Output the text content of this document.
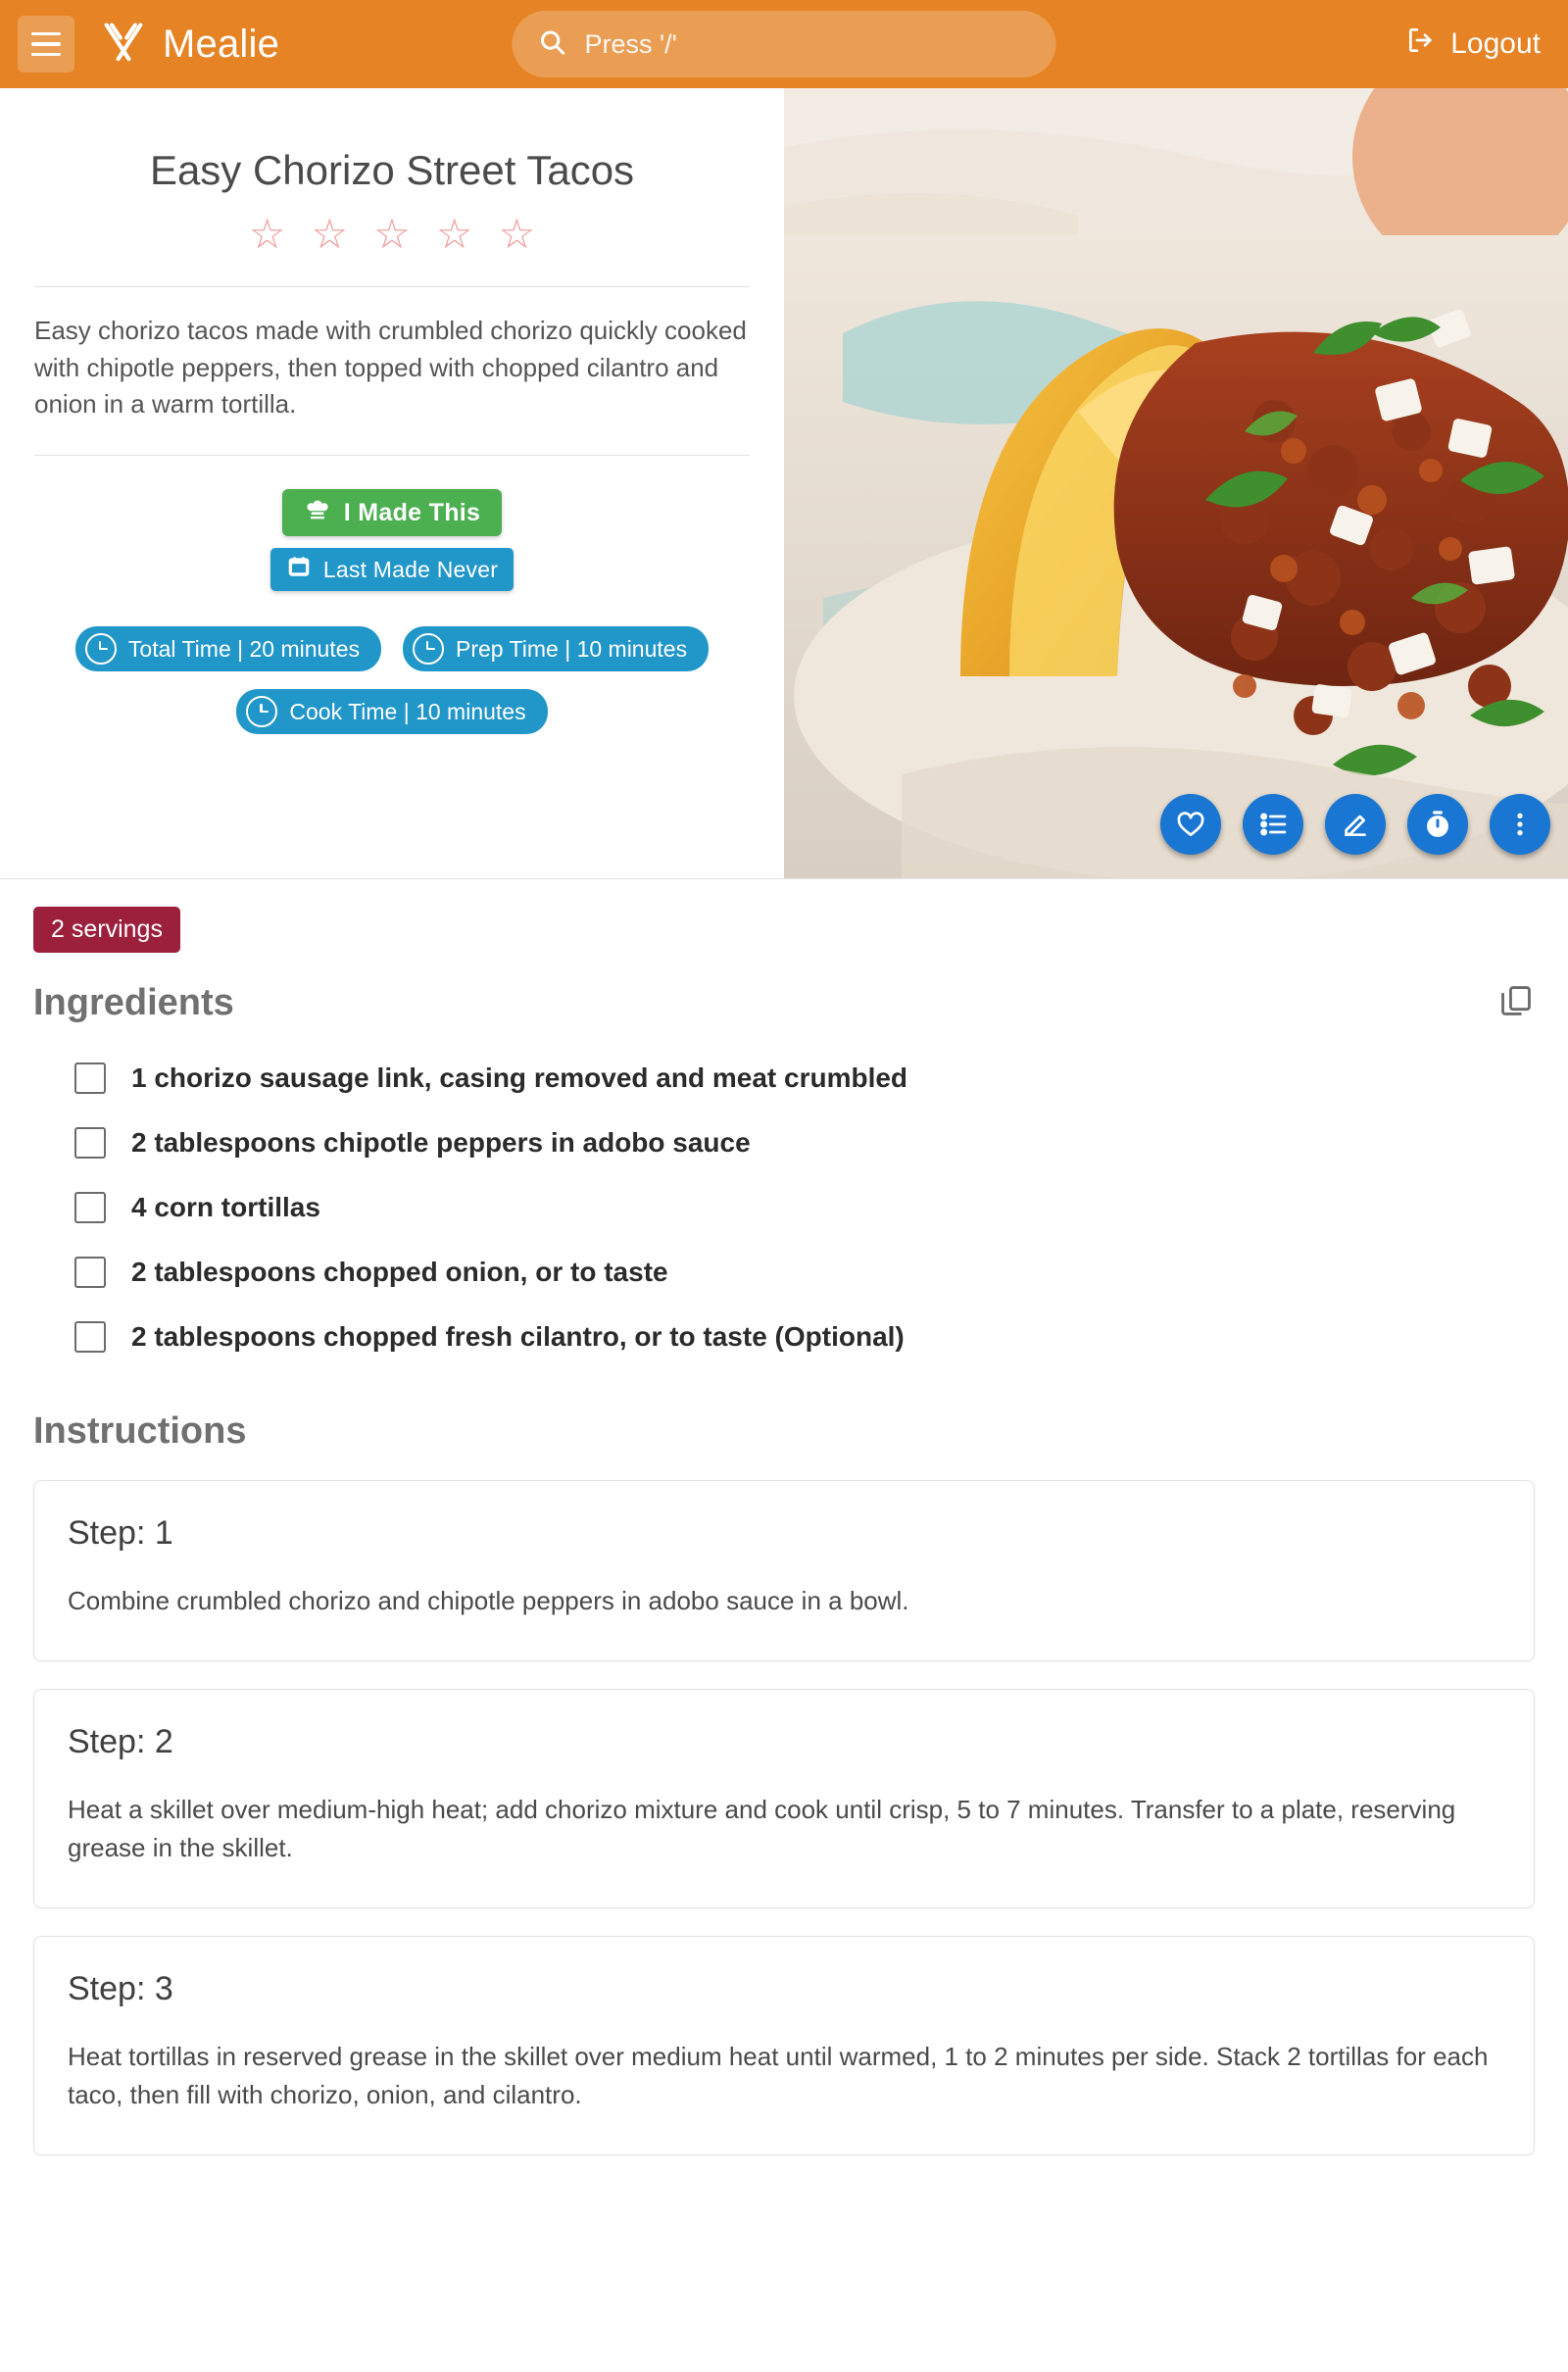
Mealie
Press '/'	Logout
Easy Chorizo Street Tacos
☆ ☆ ☆ ☆ ☆
Easy chorizo tacos made with crumbled chorizo quickly cooked with chipotle peppers, then topped with chopped cilantro and onion in a warm tortilla.
I Made This
Last Made Never
Total Time | 20 minutes	Prep Time | 10 minutes
Cook Time | 10 minutes
2 servings
Ingredients
1 chorizo sausage link, casing removed and meat crumbled
2 tablespoons chipotle peppers in adobo sauce
4 corn tortillas
2 tablespoons chopped onion, or to taste
2 tablespoons chopped fresh cilantro, or to taste (Optional)
Instructions
Step: 1
Combine crumbled chorizo and chipotle peppers in adobo sauce in a bowl.
Step: 2
Heat a skillet over medium-high heat; add chorizo mixture and cook until crisp, 5 to 7 minutes. Transfer to a plate, reserving grease in the skillet.
Step: 3
Heat tortillas in reserved grease in the skillet over medium heat until warmed, 1 to 2 minutes per side. Stack 2 tortillas for each taco, then fill with chorizo, onion, and cilantro.
